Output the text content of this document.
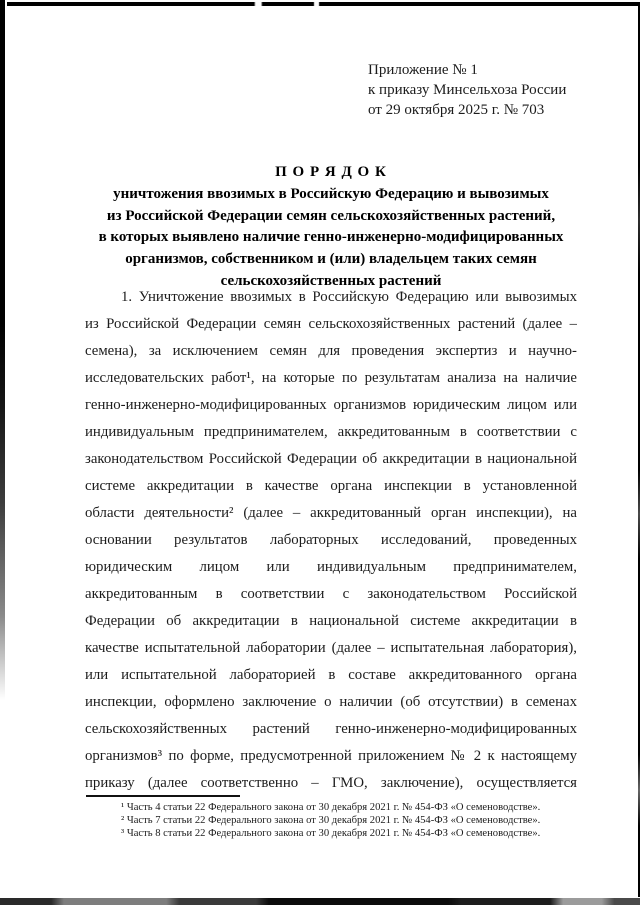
Приложение № 1
к приказу Минсельхоза России
от 29 октября 2025 г. № 703
П О Р Я Д О К
уничтожения ввозимых в Российскую Федерацию и вывозимых
из Российской Федерации семян сельскохозяйственных растений,
в которых выявлено наличие генно-инженерно-модифицированных
организмов, собственником и (или) владельцем таких семян
сельскохозяйственных растений
1. Уничтожение ввозимых в Российскую Федерацию или вывозимых
из Российской Федерации семян сельскохозяйственных растений (далее –
семена), за исключением семян для проведения экспертиз и научно-
исследовательских работ¹, на которые по результатам анализа на наличие
генно-инженерно-модифицированных организмов юридическим лицом или
индивидуальным предпринимателем, аккредитованным в соответствии с
законодательством Российской Федерации об аккредитации в национальной
системе аккредитации в качестве органа инспекции в установленной
области деятельности² (далее – аккредитованный орган инспекции), на
основании результатов лабораторных исследований, проведенных
юридическим лицом или индивидуальным предпринимателем,
аккредитованным в соответствии с законодательством Российской
Федерации об аккредитации в национальной системе аккредитации в
качестве испытательной лаборатории (далее – испытательная лаборатория),
или испытательной лабораторией в составе аккредитованного органа
инспекции, оформлено заключение о наличии (об отсутствии) в семенах
сельскохозяйственных растений генно-инженерно-модифицированных
организмов³ по форме, предусмотренной приложением № 2 к настоящему
приказу (далее соответственно – ГМО, заключение), осуществляется
¹ Часть 4 статьи 22 Федерального закона от 30 декабря 2021 г. № 454-ФЗ «О семеноводстве».
² Часть 7 статьи 22 Федерального закона от 30 декабря 2021 г. № 454-ФЗ «О семеноводстве».
³ Часть 8 статьи 22 Федерального закона от 30 декабря 2021 г. № 454-ФЗ «О семеноводстве».
